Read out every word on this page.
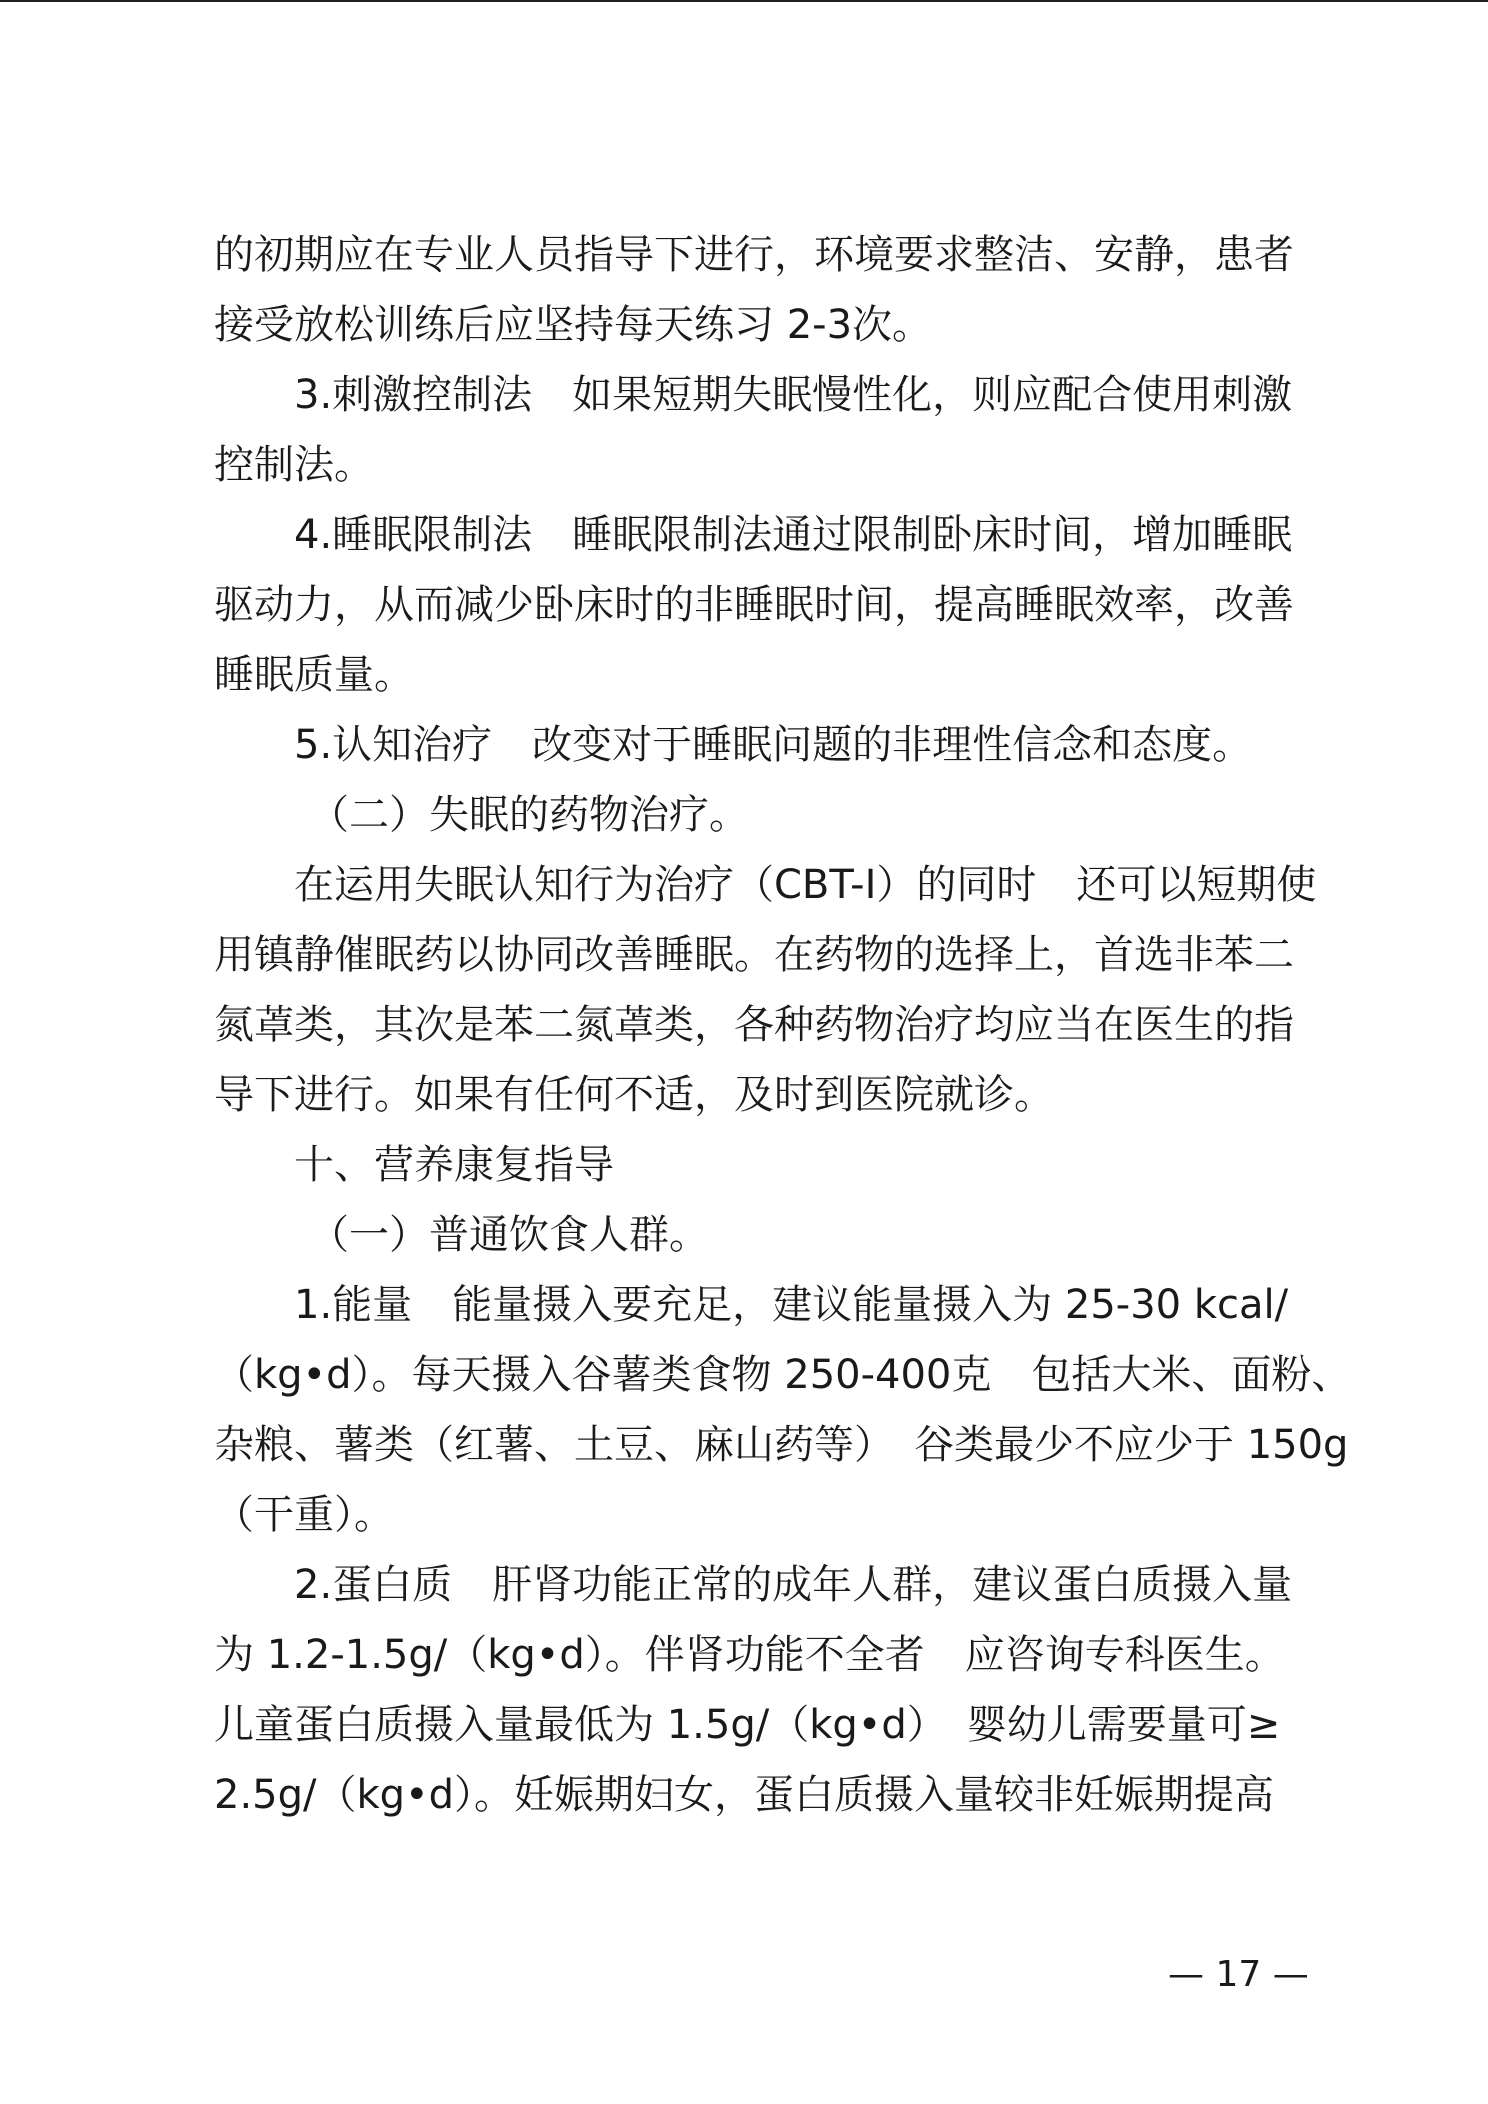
的初期应在专业人员指导下进行，环境要求整洁、安静，患者
接受放松训练后应坚持每天练习 2-3次。
3.刺激控制法　如果短期失眠慢性化，则应配合使用刺激
控制法。
4.睡眠限制法　睡眠限制法通过限制卧床时间，增加睡眠
驱动力，从而减少卧床时的非睡眠时间，提高睡眠效率，改善
睡眠质量。
5.认知治疗　改变对于睡眠问题的非理性信念和态度。
（二）失眠的药物治疗。
在运用失眠认知行为治疗（CBT-I）的同时　还可以短期使
用镇静催眠药以协同改善睡眠。在药物的选择上，首选非苯二
氮䓬类，其次是苯二氮䓬类，各种药物治疗均应当在医生的指
导下进行。如果有任何不适，及时到医院就诊。
十、营养康复指导
（一）普通饮食人群。
1.能量　能量摄入要充足，建议能量摄入为 25-30 kcal/
（kg•d）。每天摄入谷薯类食物 250-400克　包括大米、面粉、
杂粮、薯类（红薯、土豆、麻山药等）　谷类最少不应少于 150g
（干重）。
2.蛋白质　肝肾功能正常的成年人群，建议蛋白质摄入量
为 1.2-1.5g/（kg•d）。伴肾功能不全者　应咨询专科医生。
儿童蛋白质摄入量最低为 1.5g/（kg•d）　婴幼儿需要量可≥
2.5g/（kg•d）。妊娠期妇女，蛋白质摄入量较非妊娠期提高
— 17 —
